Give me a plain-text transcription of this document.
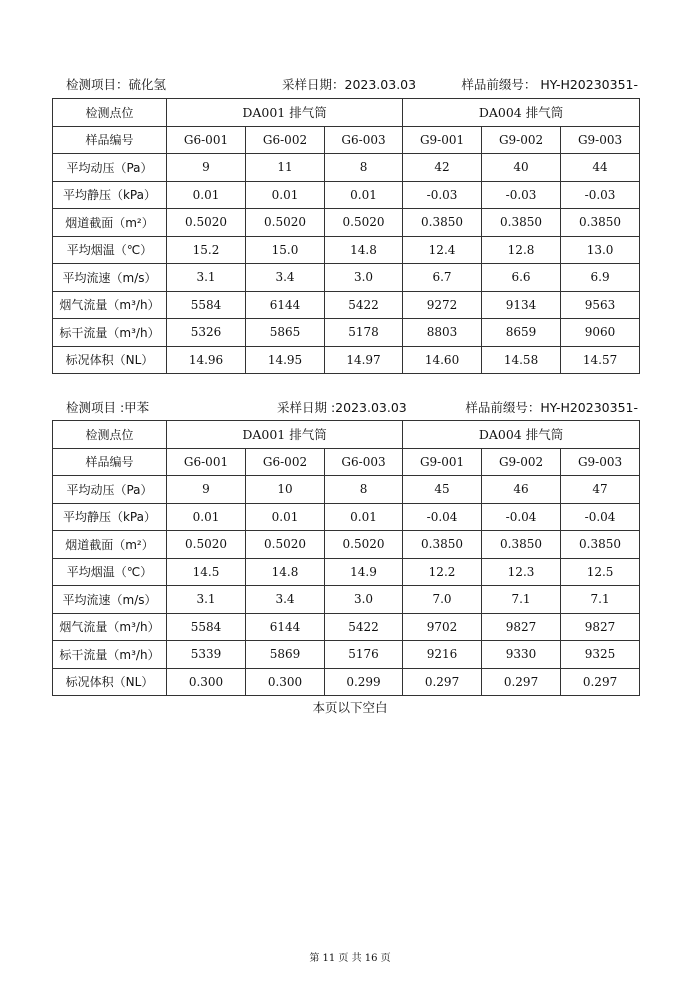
检测项目：硫化氢	采样日期：2023.03.03	样品前缀号： HY-H20230351-
检测点位	DA001 排气筒			DA004 排气筒		
样品编号	G6-001	G6-002	G6-003	G9-001	G9-002	G9-003
平均动压（Pa）	9	11	8	42	40	44
平均静压（kPa）	0.01	0.01	0.01	-0.03	-0.03	-0.03
烟道截面（m²）	0.5020	0.5020	0.5020	0.3850	0.3850	0.3850
平均烟温（℃）	15.2	15.0	14.8	12.4	12.8	13.0
平均流速（m/s）	3.1	3.4	3.0	6.7	6.6	6.9
烟气流量（m³/h）	5584	6144	5422	9272	9134	9563
标干流量（m³/h）	5326	5865	5178	8803	8659	9060
标况体积（NL）	14.96	14.95	14.97	14.60	14.58	14.57
检测项目 :甲苯	采样日期 :2023.03.03	样品前缀号：HY-H20230351-
检测点位	DA001 排气筒			DA004 排气筒		
样品编号	G6-001	G6-002	G6-003	G9-001	G9-002	G9-003
平均动压（Pa）	9	10	8	45	46	47
平均静压（kPa）	0.01	0.01	0.01	-0.04	-0.04	-0.04
烟道截面（m²）	0.5020	0.5020	0.5020	0.3850	0.3850	0.3850
平均烟温（℃）	14.5	14.8	14.9	12.2	12.3	12.5
平均流速（m/s）	3.1	3.4	3.0	7.0	7.1	7.1
烟气流量（m³/h）	5584	6144	5422	9702	9827	9827
标干流量（m³/h）	5339	5869	5176	9216	9330	9325
标况体积（NL）	0.300	0.300	0.299	0.297	0.297	0.297
本页以下空白
第 11 页 共 16 页
